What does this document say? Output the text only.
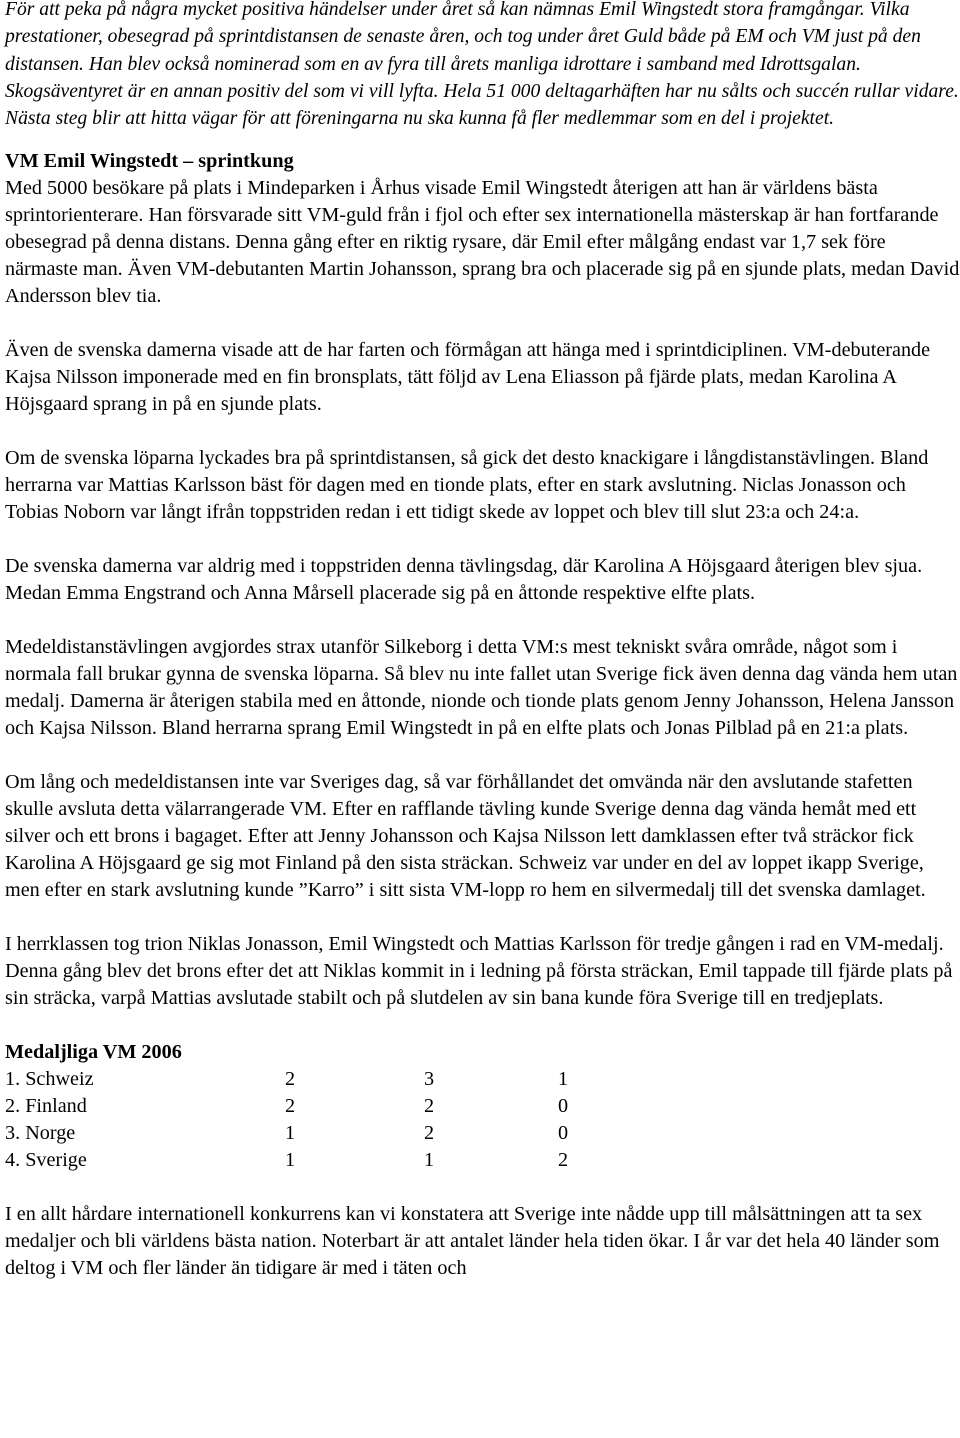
För att peka på några mycket positiva händelser under året så kan nämnas Emil Wingstedt stora framgångar. Vilka prestationer, obesegrad på sprintdistansen de senaste åren, och tog under året Guld både på EM och VM just på den distansen. Han blev också nominerad som en av fyra till årets manliga idrottare i samband med Idrottsgalan. Skogsäventyret är en annan positiv del som vi vill lyfta. Hela 51 000 deltagarhäften har nu sålts och succén rullar vidare. Nästa steg blir att hitta vägar för att föreningarna nu ska kunna få fler medlemmar som en del i projektet.
VM Emil Wingstedt – sprintkung
Med 5000 besökare på plats i Mindeparken i Århus visade Emil Wingstedt återigen att han är världens bästa sprintorienterare. Han försvarade sitt VM-guld från i fjol och efter sex internationella mästerskap är han fortfarande obesegrad på denna distans. Denna gång efter en riktig rysare, där Emil efter målgång endast var 1,7 sek före närmaste man. Även VM-debutanten Martin Johansson, sprang bra och placerade sig på en sjunde plats, medan David Andersson blev tia.

Även de svenska damerna visade att de har farten och förmågan att hänga med i sprintdiciplinen. VM-debuterande Kajsa Nilsson imponerade med en fin bronsplats, tätt följd av Lena Eliasson på fjärde plats, medan Karolina A Höjsgaard sprang in på en sjunde plats.

Om de svenska löparna lyckades bra på sprintdistansen, så gick det desto knackigare i långdistanstävlingen. Bland herrarna var Mattias Karlsson bäst för dagen med en tionde plats, efter en stark avslutning. Niclas Jonasson och Tobias Noborn var långt ifrån toppstriden redan i ett tidigt skede av loppet och blev till slut 23:a och 24:a.

De svenska damerna var aldrig med i toppstriden denna tävlingsdag, där Karolina A Höjsgaard återigen blev sjua. Medan Emma Engstrand och Anna Mårsell placerade sig på en åttonde respektive elfte plats.

Medeldistanstävlingen avgjordes strax utanför Silkeborg i detta VM:s mest tekniskt svåra område, något som i normala fall brukar gynna de svenska löparna. Så blev nu inte fallet utan Sverige fick även denna dag vända hem utan medalj. Damerna är återigen stabila med en åttonde, nionde och tionde plats genom Jenny Johansson, Helena Jansson och Kajsa Nilsson. Bland herrarna sprang Emil Wingstedt in på en elfte plats och Jonas Pilblad på en 21:a plats.

Om lång och medeldistansen inte var Sveriges dag, så var förhållandet det omvända när den avslutande stafetten skulle avsluta detta välarrangerade VM. Efter en rafflande tävling kunde Sverige denna dag vända hemåt med ett silver och ett brons i bagaget. Efter att Jenny Johansson och Kajsa Nilsson lett damklassen efter två sträckor fick Karolina A Höjsgaard ge sig mot Finland på den sista sträckan. Schweiz var under en del av loppet ikapp Sverige, men efter en stark avslutning kunde ”Karro” i sitt sista VM-lopp ro hem en silvermedalj till det svenska damlaget.

I herrklassen tog trion Niklas Jonasson, Emil Wingstedt och Mattias Karlsson för tredje gången i rad en VM-medalj. Denna gång blev det brons efter det att Niklas kommit in i ledning på första sträckan, Emil tappade till fjärde plats på sin sträcka, varpå Mattias avslutade stabilt och på slutdelen av sin bana kunde föra Sverige till en tredjeplats.

Medaljliga VM 2006
1. Schweiz	2	3	1
2. Finland	2	2	0
3. Norge	1	2	0
4. Sverige	1	1	2

I en allt hårdare internationell konkurrens kan vi konstatera att Sverige inte nådde upp till målsättningen att ta sex medaljer och bli världens bästa nation. Noterbart är att antalet länder hela tiden ökar. I år var det hela 40 länder som deltog i VM och fler länder än tidigare är med i täten och
